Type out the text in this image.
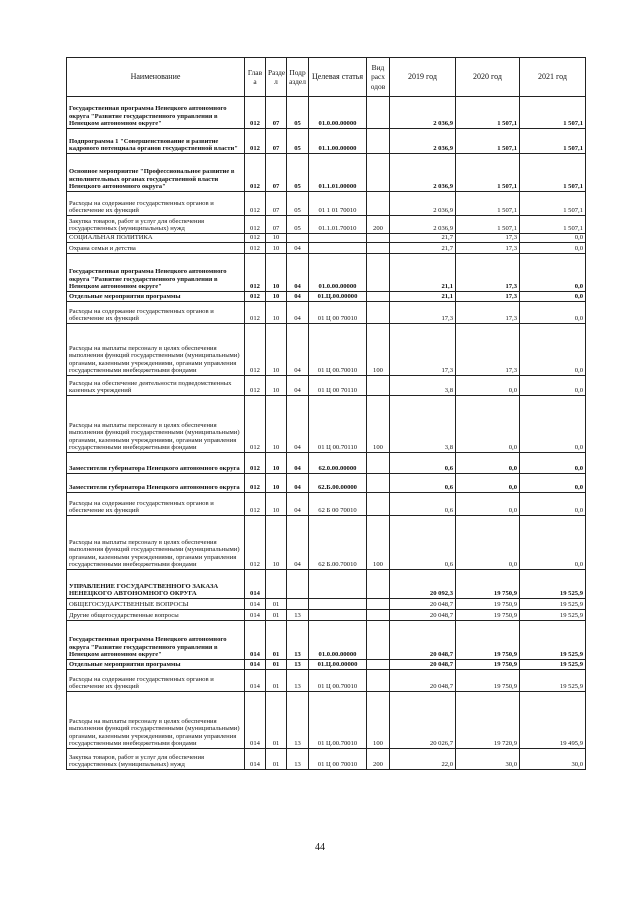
Наименование	Глав а	Разде л	Подр аздел	Целевая статья	Вид расх одов	2019 год	2020 год	2021 год
Государственная программа Ненецкого автономного округа "Развитие государственного управления в Ненецком автономном округе"	012	07	05	01.0.00.00000		2 036,9	1 507,1	1 507,1
Подпрограмма 1 "Совершенствование и развитие кадрового потенциала органов государственной власти"	012	07	05	01.1.00.00000		2 036,9	1 507,1	1 507,1
Основное мероприятие "Профессиональное развитие в исполнительных органах государственной власти Ненецкого автономного округа"	012	07	05	01.1.01.00000		2 036,9	1 507,1	1 507,1
Расходы на содержание государственных органов и обеспечение их функций	012	07	05	01 1 01 70010		2 036,9	1 507,1	1 507,1
Закупка товаров, работ и услуг для обеспечения государственных (муниципальных) нужд	012	07	05	01.1.01.70010	200	2 036,9	1 507,1	1 507,1
СОЦИАЛЬНАЯ ПОЛИТИКА	012	10				21,7	17,3	0,0
Охрана семьи и детства	012	10	04			21,7	17,3	0,0
Государственная программа Ненецкого автономного округа "Развитие государственного управления в Ненецком автономном округе"	012	10	04	01.0.00.00000		21,1	17,3	0,0
Отдельные мероприятия программы	012	10	04	01.Ц.00.00000		21,1	17,3	0,0
Расходы на содержание государственных органов и обеспечение их функций	012	10	04	01 Ц 00 70010		17,3	17,3	0,0
Расходы на выплаты персоналу в целях обеспечения выполнения функций государственными (муниципальными) органами, казенными учреждениями, органами управления государственными внебюджетными фондами	012	10	04	01 Ц 00.70010	100	17,3	17,3	0,0
Расходы на обеспечение деятельности подведомственных казенных учреждений	012	10	04	01 Ц 00 70110		3,8	0,0	0,0
Расходы на выплаты персоналу в целях обеспечения выполнения функций государственными (муниципальными) органами, казенными учреждениями, органами управления государственными внебюджетными фондами	012	10	04	01 Ц 00.70110	100	3,8	0,0	0,0
Заместители губернатора Ненецкого автономного округа	012	10	04	62.0.00.00000		0,6	0,0	0,0
Заместители губернатора Ненецкого автономного округа	012	10	04	62.Б.00.00000		0,6	0,0	0,0
Расходы на содержание государственных органов и обеспечение их функций	012	10	04	62 Б 00 70010		0,6	0,0	0,0
Расходы на выплаты персоналу в целях обеспечения выполнения функций государственными (муниципальными) органами, казенными учреждениями, органами управления государственными внебюджетными фондами	012	10	04	62 Б.00.70010	100	0,6	0,0	0,0
УПРАВЛЕНИЕ ГОСУДАРСТВЕННОГО ЗАКАЗА НЕНЕЦКОГО АВТОНОМНОГО ОКРУГА	014					20 092,3	19 750,9	19 525,9
ОБЩЕГОСУДАРСТВЕННЫЕ ВОПРОСЫ	014	01				20 048,7	19 750,9	19 525,9
Другие общегосударственные вопросы	014	01	13			20 048,7	19 750,9	19 525,9
Государственная программа Ненецкого автономного округа "Развитие государственного управления в Ненецком автономном округе"	014	01	13	01.0.00.00000		20 048,7	19 750,9	19 525,9
Отдельные мероприятия программы	014	01	13	01.Ц.00.00000		20 048,7	19 750,9	19 525,9
Расходы на содержание государственных органов и обеспечение их функций	014	01	13	01 Ц 00.70010		20 048,7	19 750,9	19 525,9
Расходы на выплаты персоналу в целях обеспечения выполнения функций государственными (муниципальными) органами, казенными учреждениями, органами управления государственными внебюджетными фондами	014	01	13	01 Ц.00.70010	100	20 026,7	19 720,9	19 495,9
Закупка товаров, работ и услуг для обеспечения государственных (муниципальных) нужд	014	01	13	01 Ц 00 70010	200	22,0	30,0	30,0
44
